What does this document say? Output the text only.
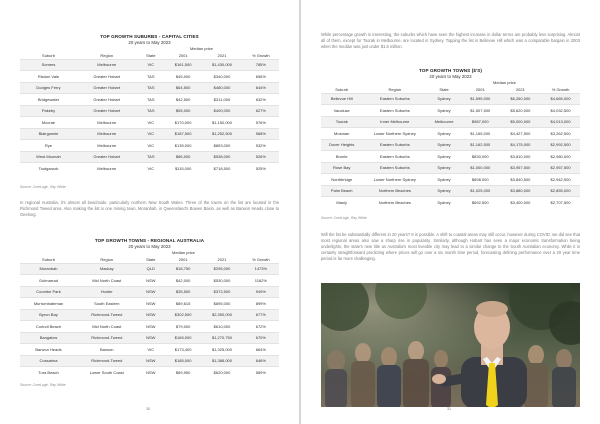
TOP GROWTH SUBURBS - CAPITAL CITIES
20 years to May 2023
Median price
Suburb	Region	State	2001	2021	% Growth
Somers	Melbourne	VIC	$161,500	$1,430,000	785%
Risdon Vale	Greater Hobart	TAS	$45,000	$340,000	656%
Dodges Ferry	Greater Hobart	TAS	$64,500	$480,000	644%
Bridgewater	Greater Hobart	TAS	$42,500	$311,000	632%
Pakeby	Greater Hobart	TAS	$55,000	$400,000	627%
Mccrae	Melbourne	VIC	$170,000	$1,150,000	576%
Blairgowrie	Melbourne	VIC	$187,500	$1,252,500	568%
Rye	Melbourne	VIC	$135,000	$853,000	532%
West Moonah	Greater Hobart	TAS	$86,000	$538,000	526%
Tootgarook	Melbourne	VIC	$115,000	$718,500	525%
Source: CoreLogic, Ray White
In regional Australia, it's almost all beachside, particularly northern New South Wales. Three of the towns on the list are located in the Richmond Tweed area. Also making the list is one mining town, Moranbah, in Queensland's Bowen Basin, as well as Barwon Heads close to Geelong.
TOP GROWTH TOWNS - REGIONAL AUSTRALIA
20 years to May 2023
Median price
Suburb	Region	State	2001	2021	% Growth
Moranbah	Mackay	QLD	$18,750	$295,000	1473%
Gulmarrad	Mid North Coast	NSW	$42,000	$530,000	1162%
Coombe Park	Hunter	NSW	$35,500	$372,500	949%
Murrumbateman	South Eastern	NSW	$89,615	$895,000	899%
Byron Bay	Richmond-Tweed	NSW	$302,500	$2,350,000	677%
Corindi Beach	Mid North Coast	NSW	$79,000	$610,000	672%
Bangalow	Richmond-Tweed	NSW	$165,000	$1,270,750	670%
Barwon Heads	Barwon	VIC	$173,400	$1,325,000	664%
Cossarina	Richmond-Tweed	NSW	$185,000	$1,388,000	646%
Tura Beach	Lower South Coast	NSW	$89,950	$620,000	589%
Source: CoreLogic, Ray White
30
While percentage growth is interesting, the suburbs which have seen the highest increase in dollar terms are probably less surprising. Almost all of them, except for Toorak in Melbourne, are located in Sydney. Topping the list is Bellevue Hill which was a comparable bargain in 2003 when the median was just under $1.6 million.
TOP GROWTH TOWNS ($'S)
20 years to May 2023
Median price
Suburb	Region	State	2001	2021	% Growth
Bellevue Hill	Eastern Suburbs	Sydney	$1,595,000	$6,260,000	$4,665,000
Vaucluse	Eastern Suburbs	Sydney	$1,507,500	$5,620,000	$4,032,500
Toorak	Inner Melbourne	Melbourne	$987,000	$5,000,000	$4,013,000
Mosman	Lower Northern Sydney	Sydney	$1,165,000	$4,427,500	$3,262,500
Dover Heights	Eastern Suburbs	Sydney	$1,162,500	$4,175,000	$2,992,500
Bronte	Eastern Suburbs	Sydney	$830,000	$3,810,000	$2,980,000
Rose Bay	Eastern Suburbs	Sydney	$1,000,000	$3,957,500	$2,957,500
Northbridge	Lower Northern Sydney	Sydney	$898,000	$3,840,500	$2,942,500
Palm Beach	Northern Beaches	Sydney	$1,025,000	$3,880,000	$2,855,000
Manly	Northern Beaches	Sydney	$692,500	$3,400,000	$2,707,500
Source: CoreLogic, Ray White
Will the list be substantially different in 20 years? It is possible. A shift to coastal areas may still occur, however during COVID, we did see that most regional areas also saw a sharp rise in popularity. Similarly, although Hobart has seen a major economic transformation being underlights, the state's new title as Australia's most liveable city may lead to a similar change to the South Australian economy. While it is certainly straightforward predicting where prices will go over a six month time period, forecasting defining performance over a 20 year time period is far more challenging.
31
